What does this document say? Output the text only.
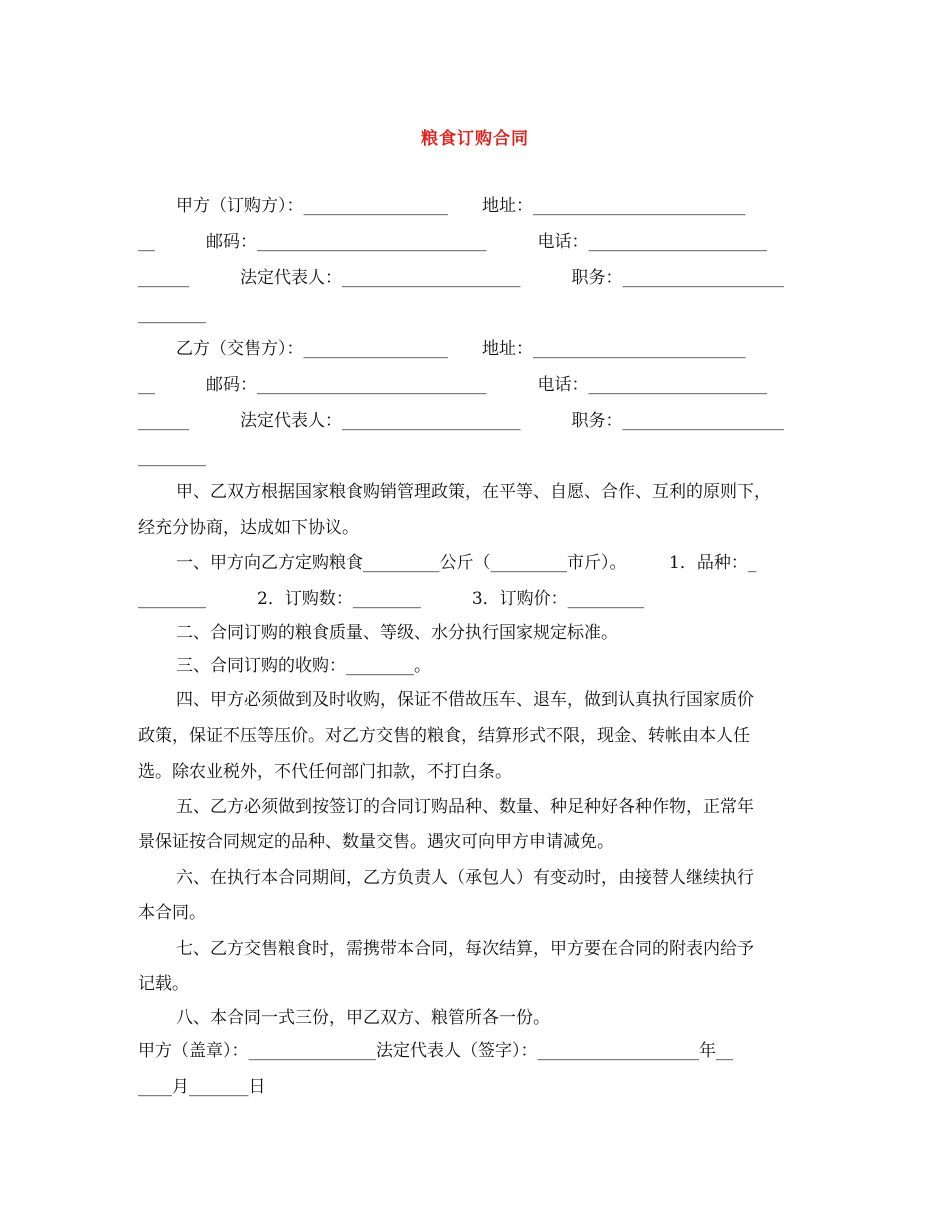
粮食订购合同
甲方（订购方）：_________________　　地址：_________________________
__　　　邮码：___________________________　　　电话：_____________________
______　　　法定代表人：_____________________　　　职务：___________________
________
乙方（交售方）：_________________　　地址：_________________________
__　　　邮码：___________________________　　　电话：_____________________
______　　　法定代表人：_____________________　　　职务：___________________
________
甲、乙双方根据国家粮食购销管理政策，在平等、自愿、合作、互利的原则下，
经充分协商，达成如下协议。
一、甲方向乙方定购粮食_________公斤（_________市斤）。　　　1．品种：_
________　　　2．订购数：________　　　3．订购价：_________
二、合同订购的粮食质量、等级、水分执行国家规定标准。
三、合同订购的收购：________。
四、甲方必须做到及时收购，保证不借故压车、退车，做到认真执行国家质价
政策，保证不压等压价。对乙方交售的粮食，结算形式不限，现金、转帐由本人任
选。除农业税外，不代任何部门扣款，不打白条。
五、乙方必须做到按签订的合同订购品种、数量、种足种好各种作物，正常年
景保证按合同规定的品种、数量交售。遇灾可向甲方申请减免。
六、在执行本合同期间，乙方负责人（承包人）有变动时，由接替人继续执行
本合同。
七、乙方交售粮食时，需携带本合同，每次结算，甲方要在合同的附表内给予
记载。
八、本合同一式三份，甲乙双方、粮管所各一份。
甲方（盖章）：_______________法定代表人（签字）：___________________年__
____月_______日
